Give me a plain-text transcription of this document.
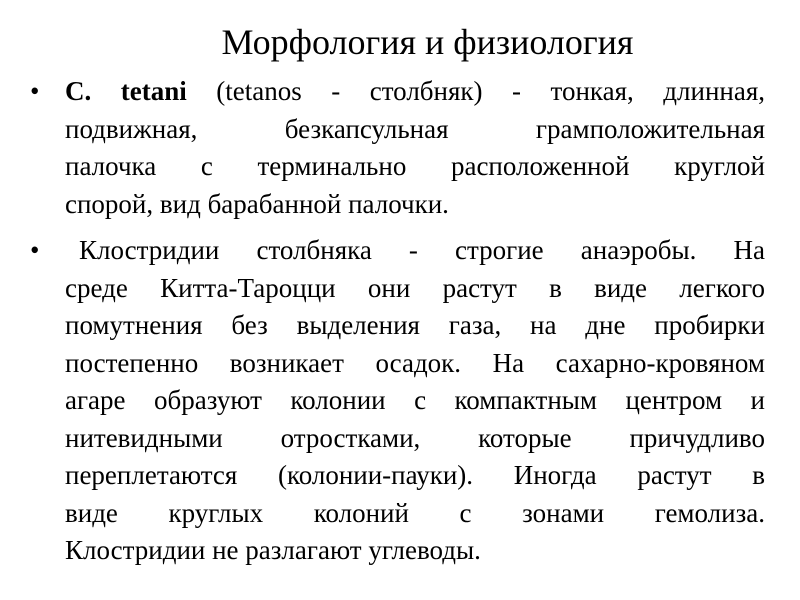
Морфология и физиология
• C. tetani (tetanos - столбняк) - тонкая, длинная,
подвижная, безкапсульная грамположительная
палочка с терминально расположенной круглой
спорой, вид барабанной палочки.
•	Клостридии столбняка - строгие анаэробы. На
среде Китта-Тароцци они растут в виде легкого
помутнения без выделения газа, на дне пробирки
постепенно возникает осадок. На сахарно-кровяном
агаре образуют колонии с компактным центром и
нитевидными отростками, которые причудливо
переплетаются (колонии-пауки). Иногда растут в
виде круглых колоний с зонами гемолиза.
Клостридии не разлагают углеводы.
